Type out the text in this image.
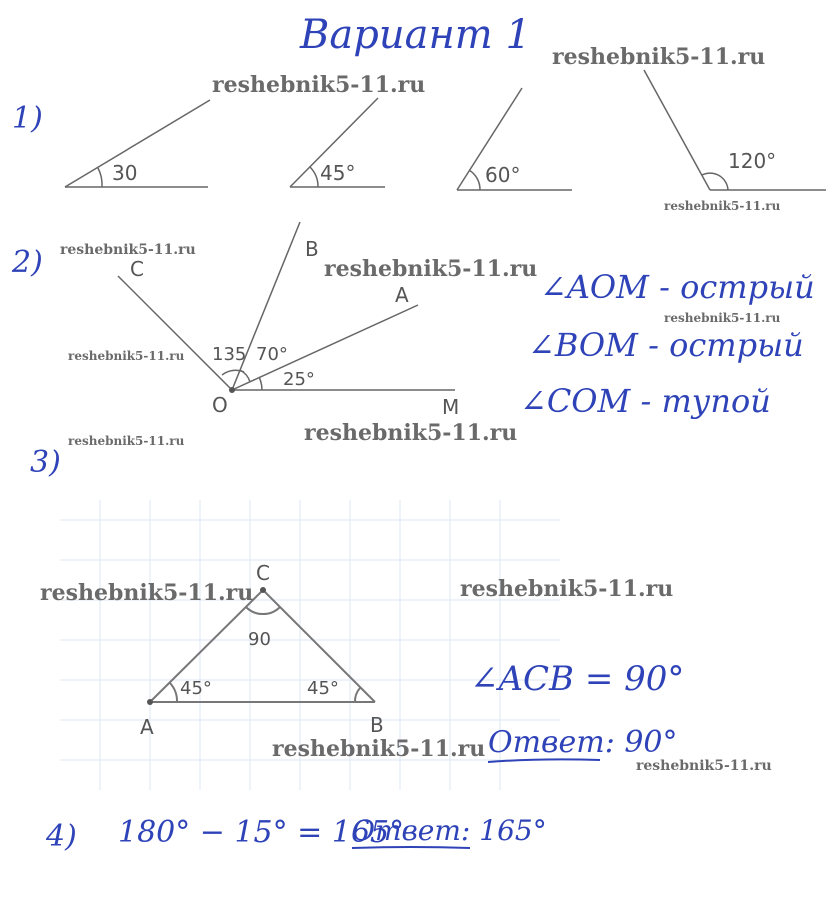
Вариант 1
1)
30	45°	60°
120°
2)	C
B
A
O	M
135 70°
25°
∠AOM - острый
∠BOM - острый
∠COM - тупой
3)
C
A	B
45°	45°
90
∠ACB = 90°
Ответ: 90°
4) 180° − 15° = 165°
Ответ: 165°
reshebnik5-11.ru
reshebnik5-11.ru
reshebnik5-11.ru
reshebnik5-11.ru
reshebnik5-11.ru
reshebnik5-11.ru
reshebnik5-11.ru
reshebnik5-11.ru
reshebnik5-11.ru
reshebnik5-11.ru	reshebnik5-11.ru
reshebnik5-11.ru
reshebnik5-11.ru
